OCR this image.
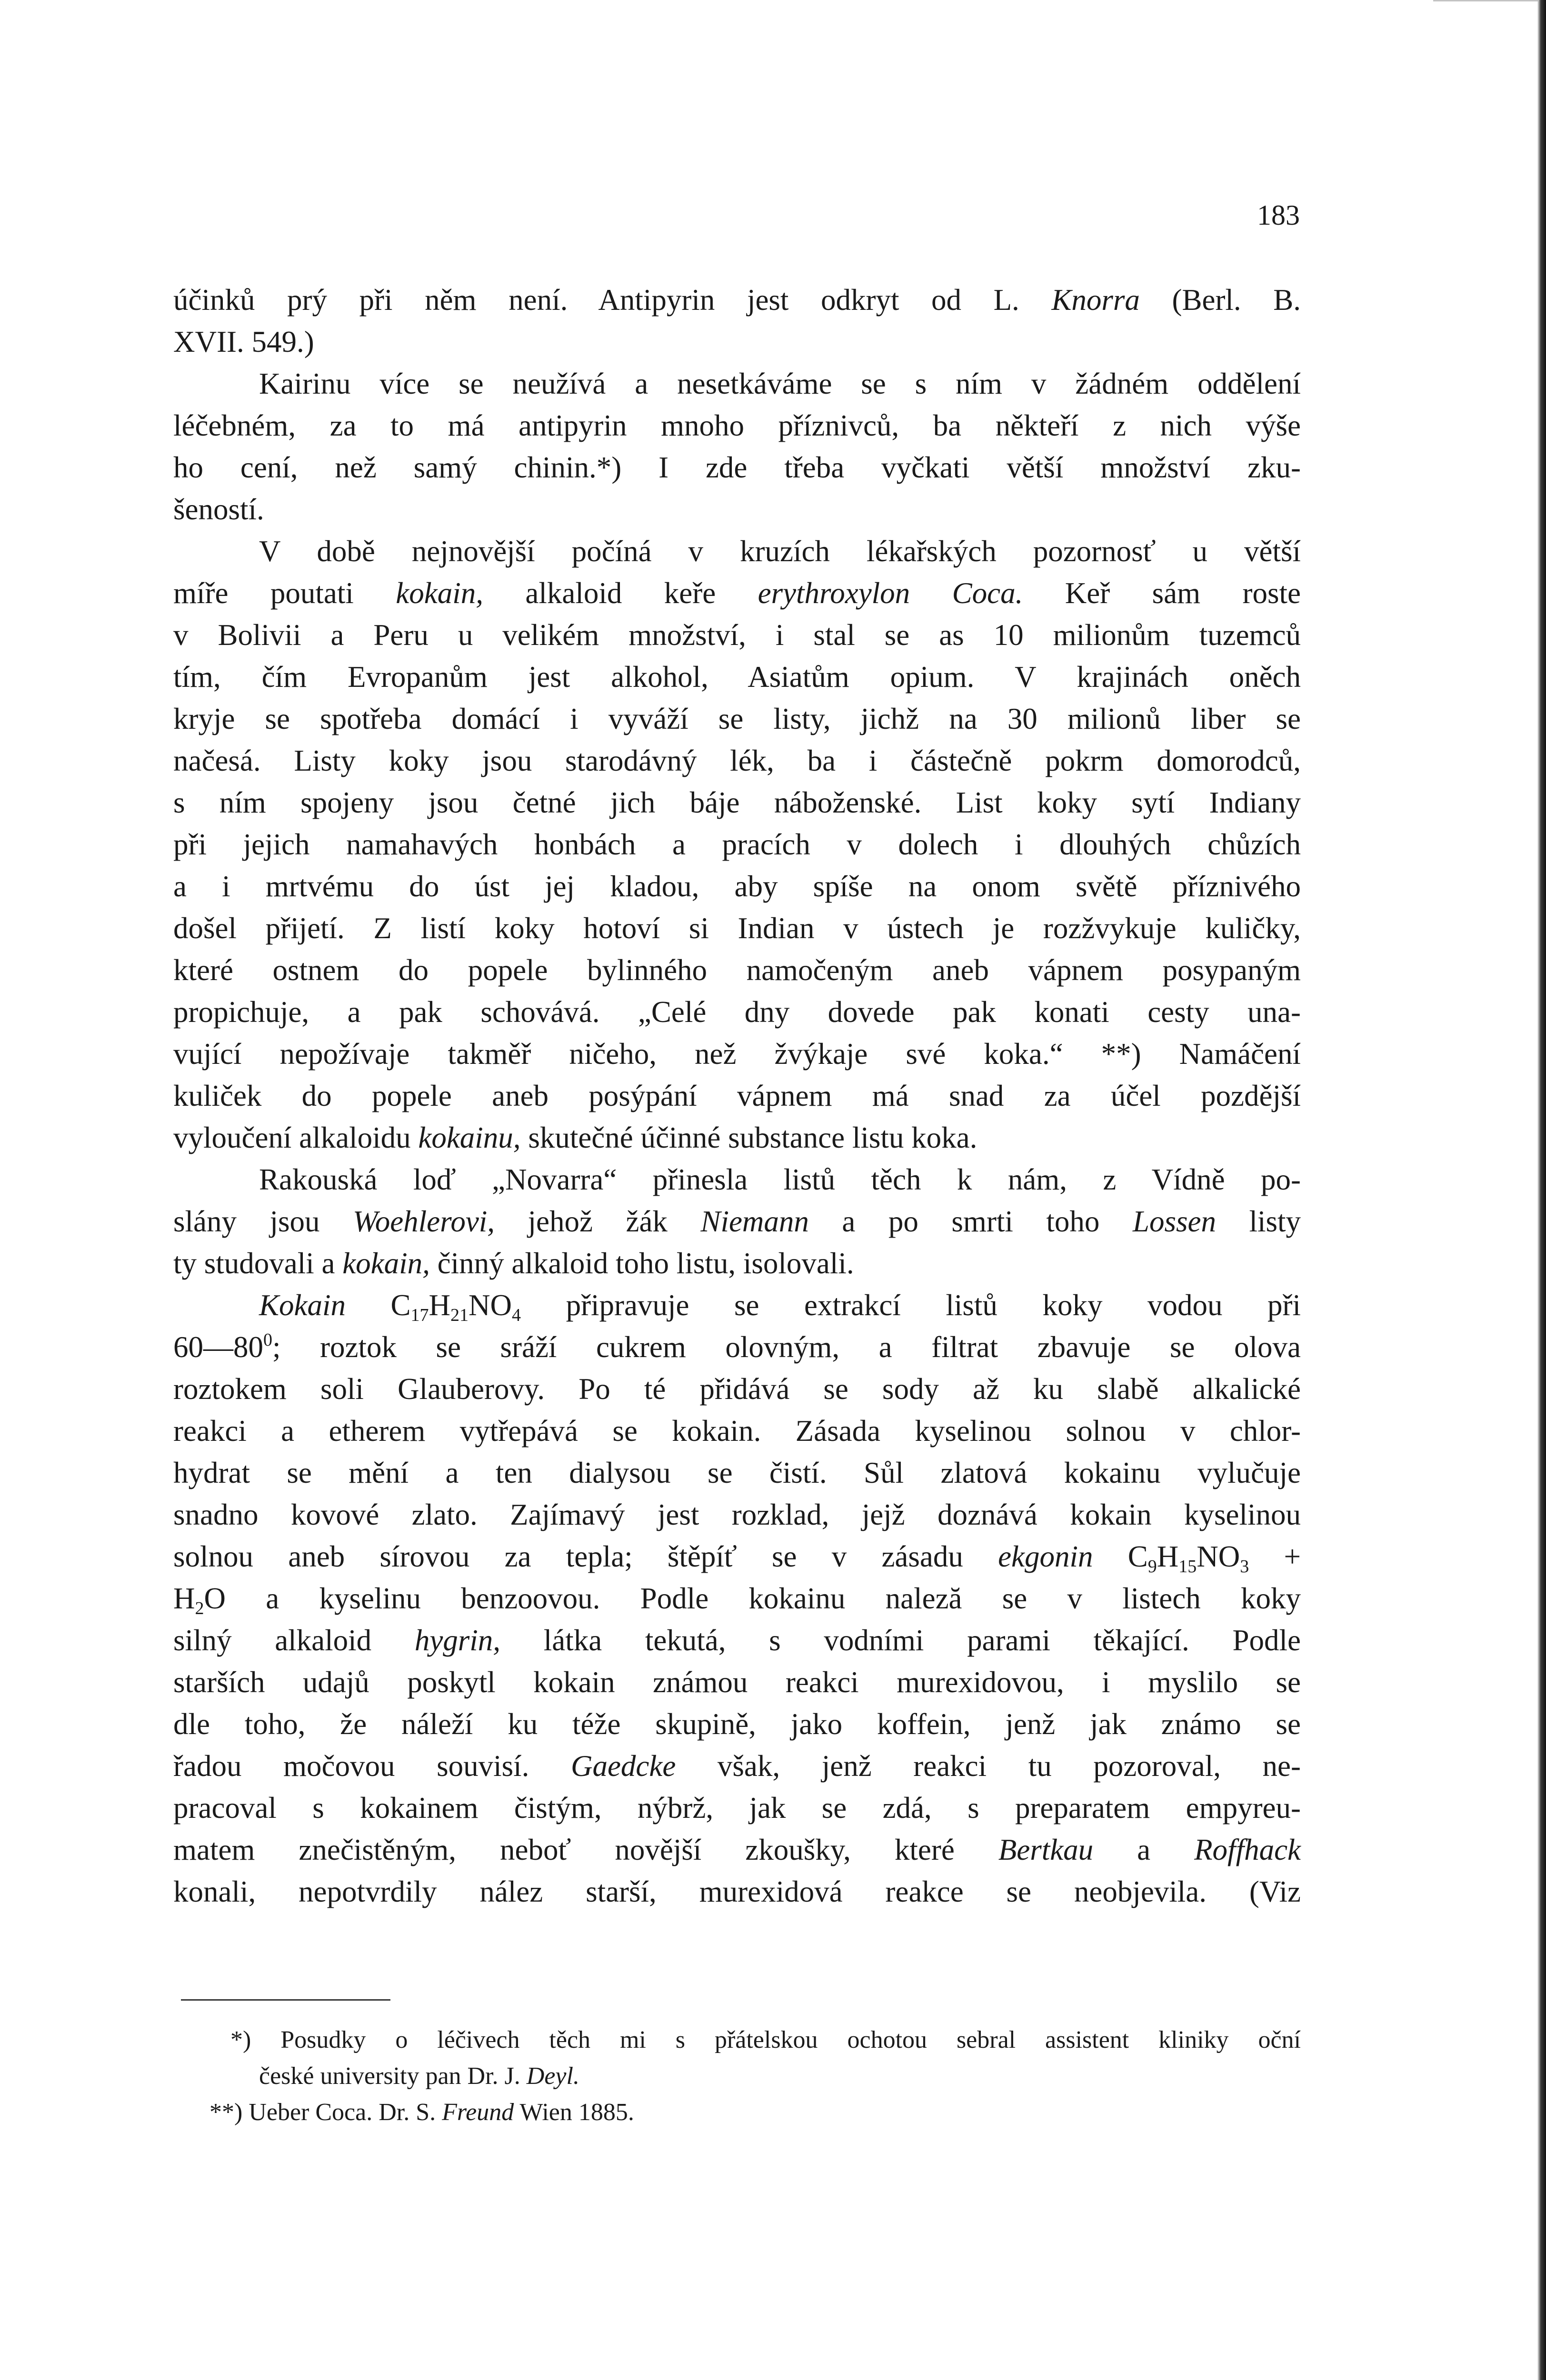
183
účinků prý při něm není. Antipyrin jest odkryt od L. Knorra (Berl. B.
XVII. 549.)
Kairinu více se neužívá a nesetkáváme se s ním v žádném oddělení
léčebném, za to má antipyrin mnoho příznivců, ba někteří z nich výše
ho cení, než samý chinin.*) I zde třeba vyčkati větší množství zku-
šeností.
V době nejnovější počíná v kruzích lékařských pozornosť u větší
míře poutati kokain, alkaloid keře erythroxylon Coca. Keř sám roste
v Bolivii a Peru u velikém množství, i stal se as 10 milionům tuzemců
tím, čím Evropanům jest alkohol, Asiatům opium. V krajinách oněch
kryje se spotřeba domácí i vyváží se listy, jichž na 30 milionů liber se
načesá. Listy koky jsou starodávný lék, ba i částečně pokrm domorodců,
s ním spojeny jsou četné jich báje náboženské. List koky sytí Indiany
při jejich namahavých honbách a pracích v dolech i dlouhých chůzích
a i mrtvému do úst jej kladou, aby spíše na onom světě příznivého
došel přijetí. Z listí koky hotoví si Indian v ústech je rozžvykuje kuličky,
které ostnem do popele bylinného namočeným aneb vápnem posypaným
propichuje, a pak schovává. „Celé dny dovede pak konati cesty una-
vující nepožívaje takměř ničeho, než žvýkaje své koka.“ **) Namáčení
kuliček do popele aneb posýpání vápnem má snad za účel pozdější
vyloučení alkaloidu kokainu, skutečné účinné substance listu koka.
Rakouská loď „Novarra“ přinesla listů těch k nám, z Vídně po-
slány jsou Woehlerovi, jehož žák Niemann a po smrti toho Lossen listy
ty studovali a kokain, činný alkaloid toho listu, isolovali.
Kokain $C_{17}H_{21}NO_4$ připravuje se extrakcí listů koky vodou při
$60—80^0$; roztok se sráží cukrem olovným, a filtrat zbavuje se olova
roztokem soli Glauberovy. Po té přidává se sody až ku slabě alkalické
reakci a etherem vytřepává se kokain. Zásada kyselinou solnou v chlor-
hydrat se mění a ten dialysou se čistí. Sůl zlatová kokainu vylučuje
snadno kovové zlato. Zajímavý jest rozklad, jejž doznává kokain kyselinou
solnou aneb sírovou za tepla; štěpíť se v zásadu ekgonin $C_9H_{15}NO_3$ +
$H_2O$ a kyselinu benzoovou. Podle kokainu naleză se v listech koky
silný alkaloid hygrin, látka tekutá, s vodními parami těkající. Podle
starších udajů poskytl kokain známou reakci murexidovou, i myslilo se
dle toho, že náleží ku téže skupině, jako koffein, jenž jak známo se
řadou močovou souvisí. Gaedcke však, jenž reakci tu pozoroval, ne-
pracoval s kokainem čistým, nýbrž, jak se zdá, s preparatem empyreu-
matem znečistěným, neboť novější zkoušky, které Bertkau a Roffhack
konali, nepotvrdily nález starší, murexidová reakce se neobjevila. (Viz
*) Posudky o léčivech těch mi s přátelskou ochotou sebral assistent kliniky oční
české university pan Dr. J. Deyl.
**) Ueber Coca. Dr. S. Freund Wien 1885.
